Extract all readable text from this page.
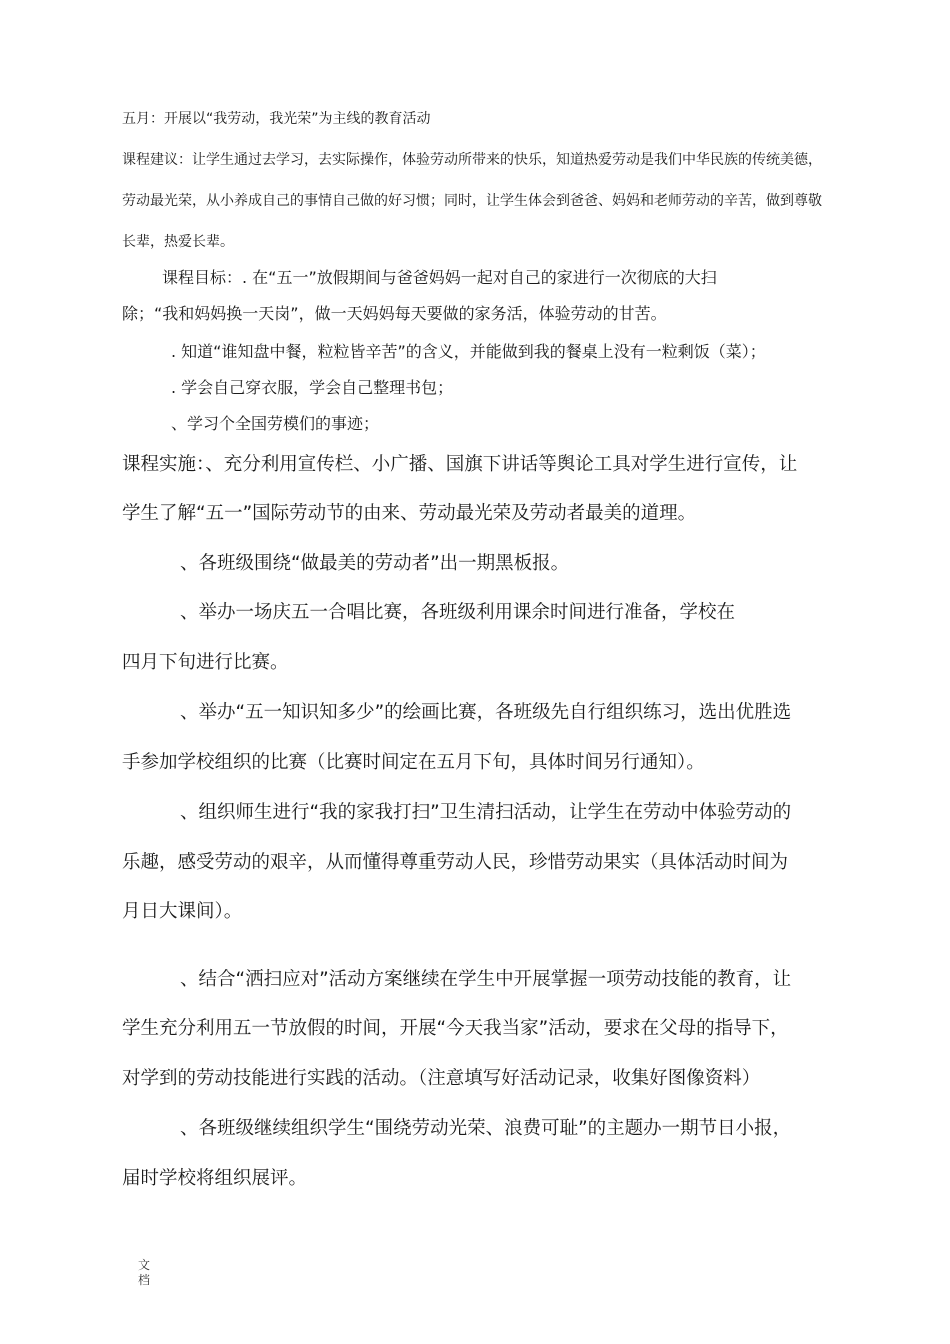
五月：开展以“我劳动，我光荣”为主线的教育活动

课程建议：让学生通过去学习，去实际操作，体验劳动所带来的快乐，知道热爱劳动是我们中华民族的传统美德，

劳动最光荣，从小养成自己的事情自己做的好习惯；同时，让学生体会到爸爸、妈妈和老师劳动的辛苦，做到尊敬

长辈，热爱长辈。

课程目标：. 在“五一”放假期间与爸爸妈妈一起对自己的家进行一次彻底的大扫

除；“我和妈妈换一天岗”，做一天妈妈每天要做的家务活，体验劳动的甘苦。

. 知道“谁知盘中餐，粒粒皆辛苦”的含义，并能做到我的餐桌上没有一粒剩饭（菜）；

. 学会自己穿衣服，学会自己整理书包；

、学习个全国劳模们的事迹；

课程实施：、充分利用宣传栏、小广播、国旗下讲话等舆论工具对学生进行宣传，让

学生了解“五一”国际劳动节的由来、劳动最光荣及劳动者最美的道理。

、各班级围绕“做最美的劳动者”出一期黑板报。

、举办一场庆五一合唱比赛，各班级利用课余时间进行准备，学校在

四月下旬进行比赛。

、举办“五一知识知多少”的绘画比赛，各班级先自行组织练习，选出优胜选

手参加学校组织的比赛（比赛时间定在五月下旬，具体时间另行通知）。

、组织师生进行“我的家我打扫”卫生清扫活动，让学生在劳动中体验劳动的

乐趣，感受劳动的艰辛，从而懂得尊重劳动人民，珍惜劳动果实（具体活动时间为

月日大课间）。

、结合“洒扫应对”活动方案继续在学生中开展掌握一项劳动技能的教育，让

学生充分利用五一节放假的时间，开展“今天我当家”活动，要求在父母的指导下，

对学到的劳动技能进行实践的活动。（注意填写好活动记录，收集好图像资料）

、各班级继续组织学生“围绕劳动光荣、浪费可耻”的主题办一期节日小报，

届时学校将组织展评。

文档
